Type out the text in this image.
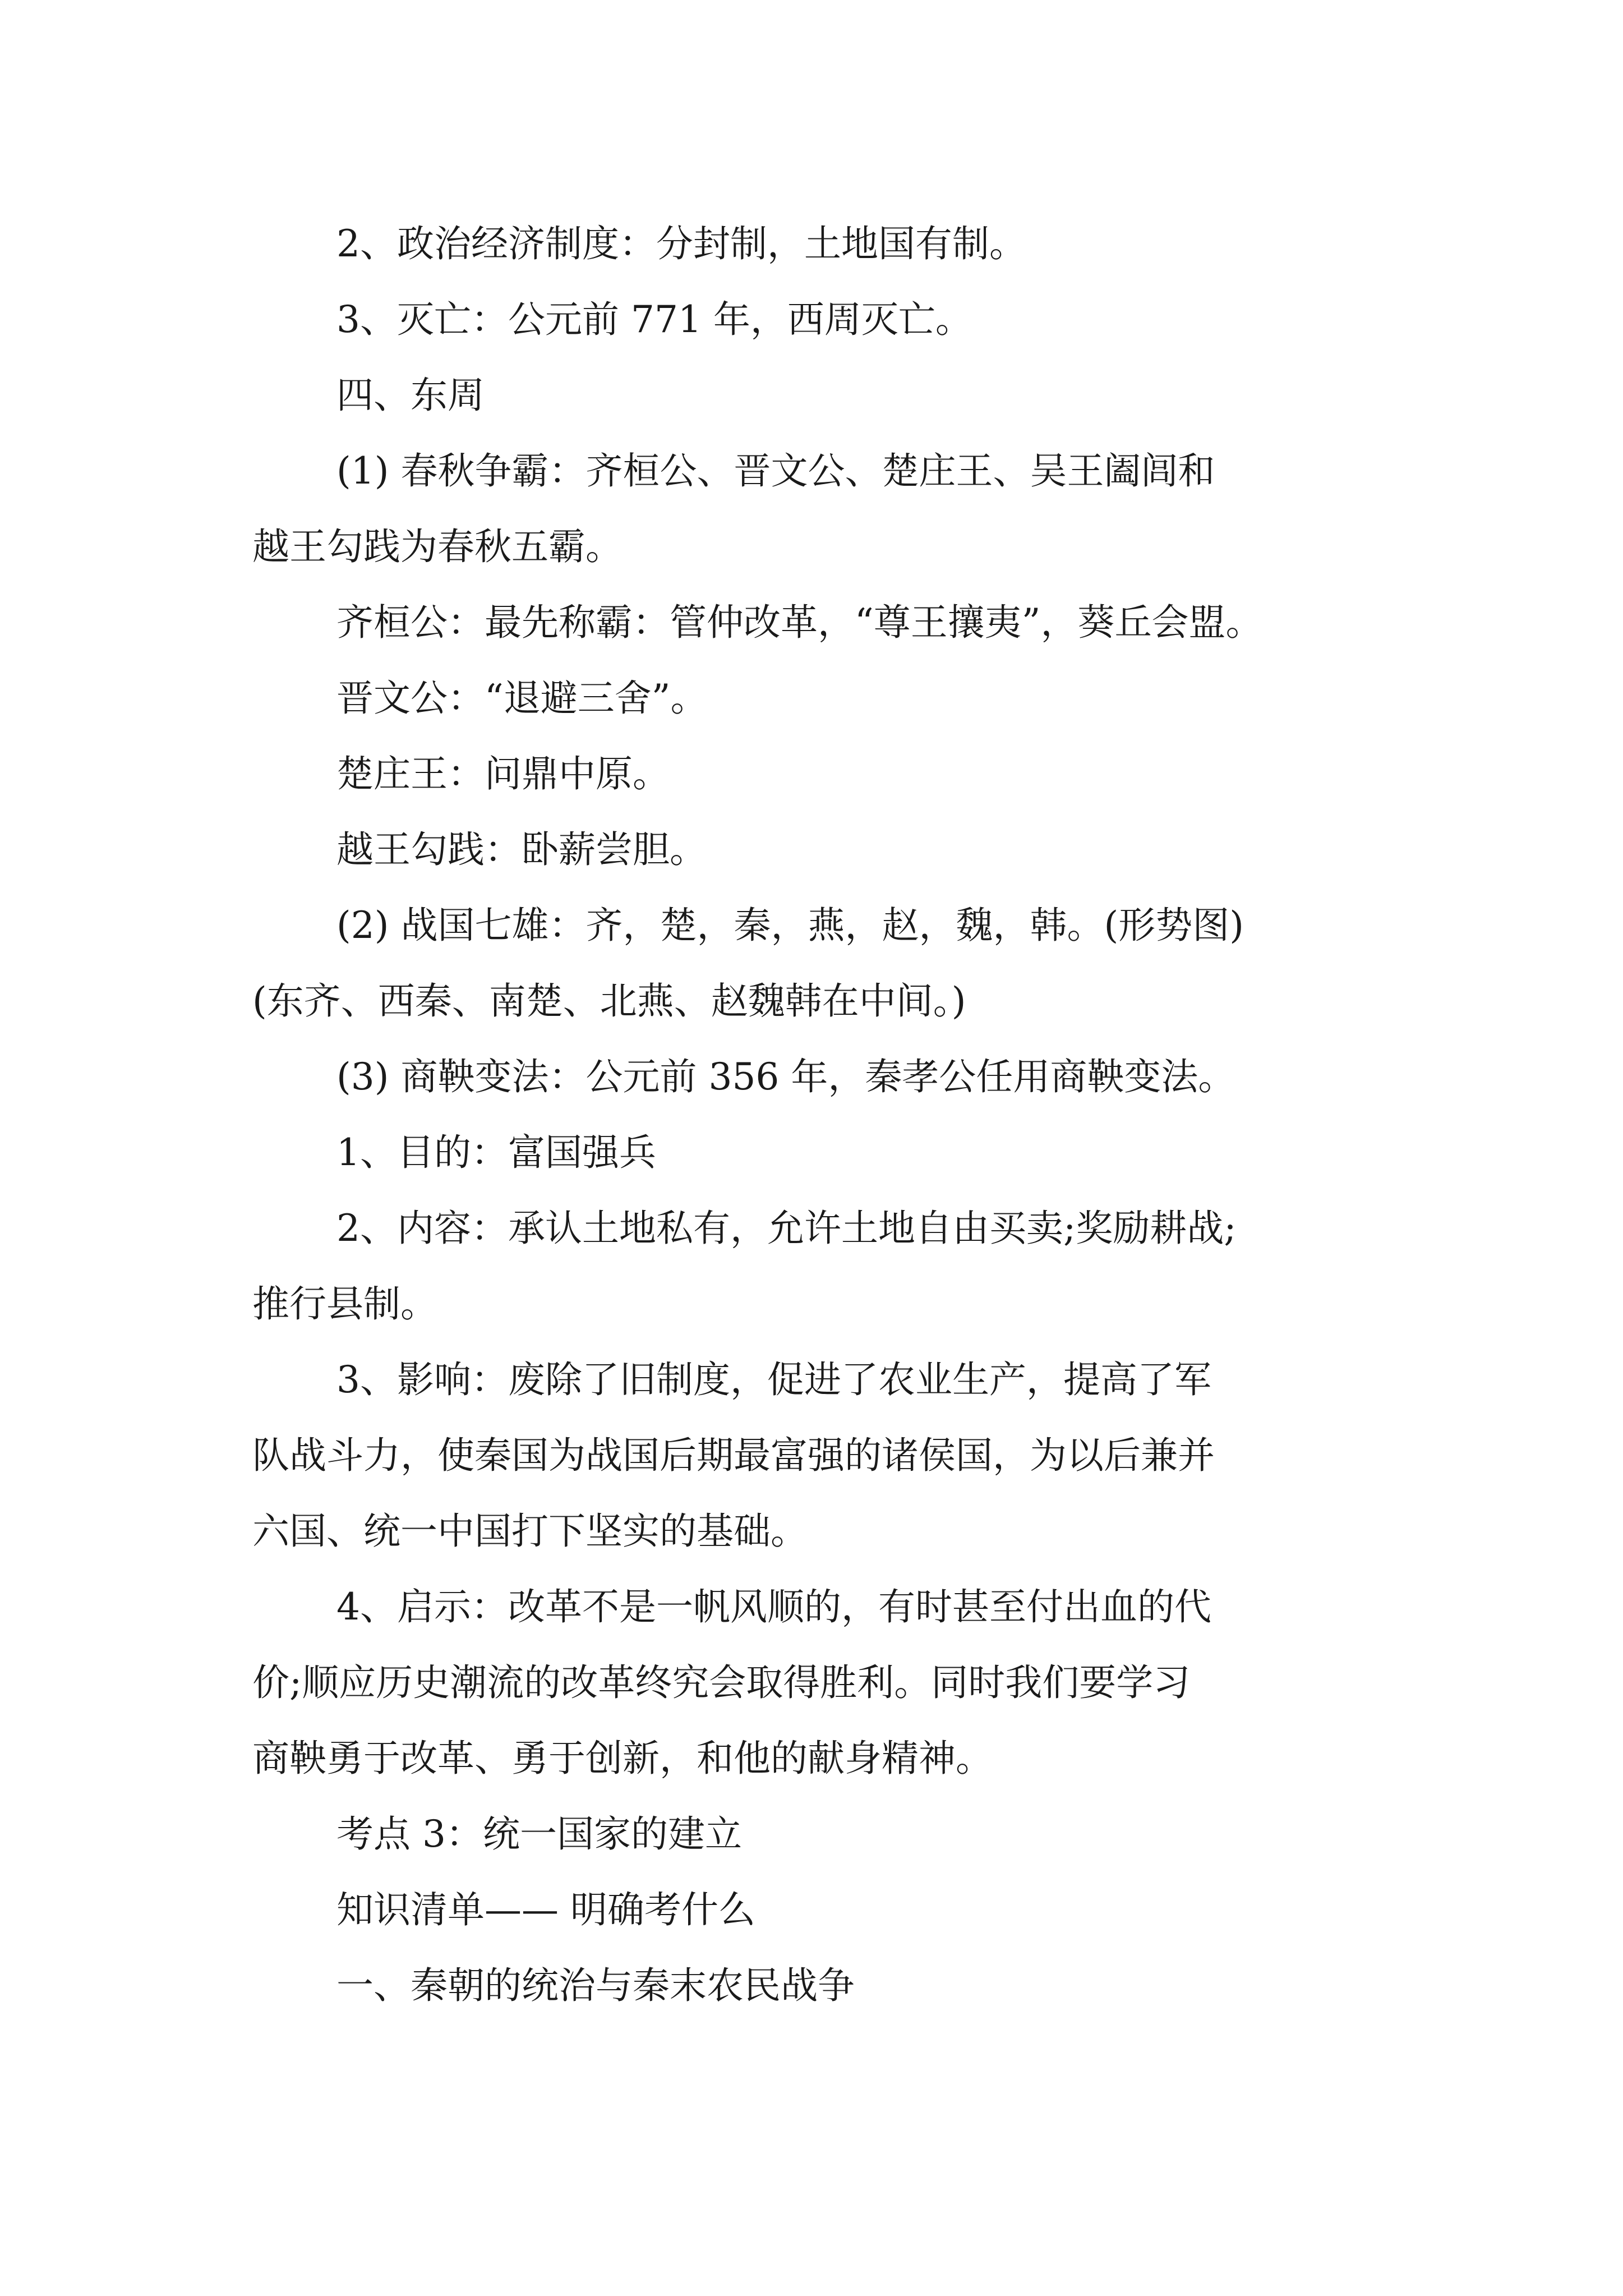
2、政治经济制度：分封制，土地国有制。
3、灭亡：公元前 771 年，西周灭亡。
四、东周
(1) 春秋争霸：齐桓公、晋文公、楚庄王、吴王阖闾和
越王勾践为春秋五霸。
齐桓公：最先称霸：管仲改革，“尊王攘夷”，葵丘会盟。
晋文公：“退避三舍”。
楚庄王：问鼎中原。
越王勾践：卧薪尝胆。
(2) 战国七雄：齐，楚，秦，燕，赵，魏，韩。(形势图)
(东齐、西秦、南楚、北燕、赵魏韩在中间。)
(3) 商鞅变法：公元前 356 年，秦孝公任用商鞅变法。
1、目的：富国强兵
2、内容：承认土地私有，允许土地自由买卖;奖励耕战;
推行县制。
3、影响：废除了旧制度，促进了农业生产，提高了军
队战斗力，使秦国为战国后期最富强的诸侯国，为以后兼并
六国、统一中国打下坚实的基础。
4、启示：改革不是一帆风顺的，有时甚至付出血的代
价;顺应历史潮流的改革终究会取得胜利。同时我们要学习
商鞅勇于改革、勇于创新，和他的献身精神。
考点 3：统一国家的建立
知识清单—— 明确考什么
一、秦朝的统治与秦末农民战争
